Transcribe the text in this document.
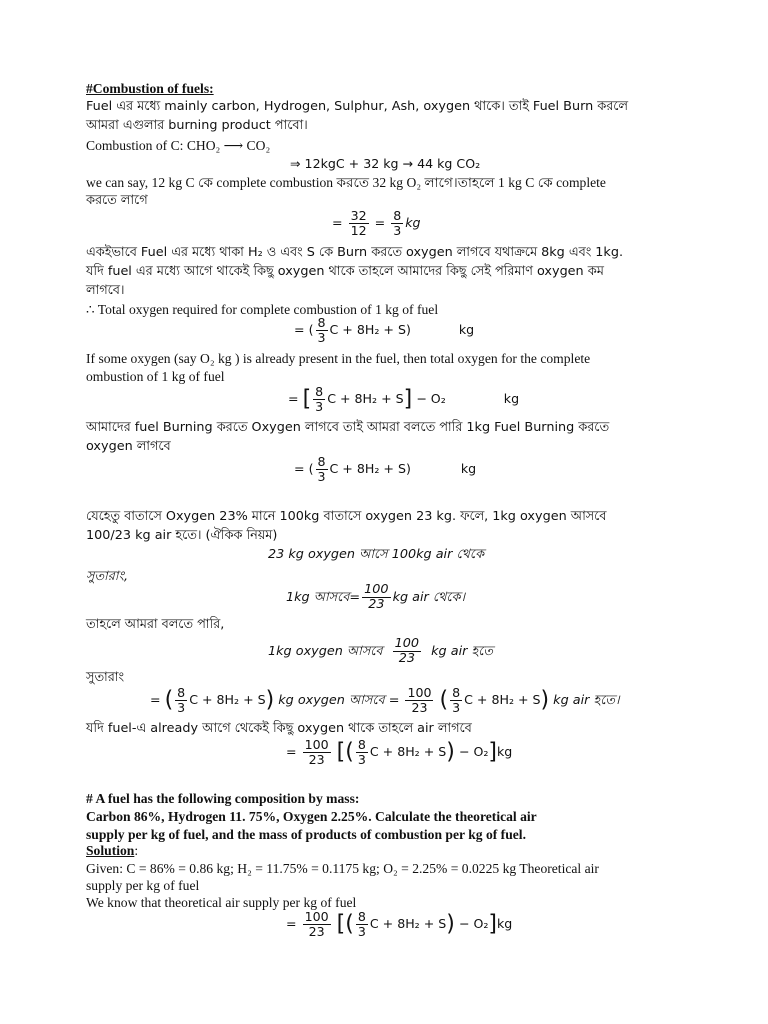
#Combustion of fuels:
Fuel এর মধ্যে mainly carbon, Hydrogen, Sulphur, Ash, oxygen থাকে। তাই Fuel Burn করলে
আমরা এগুলার burning product পাবো।
Combustion of C: CHO₂ ⟶ CO₂
⇒ 12kgC + 32 kg → 44 kg CO₂
we can say, 12 kg C কে complete combustion করতে 32 kg O₂ লাগে।তাহলে 1 kg C কে complete
করতে লাগে
= $\frac{32}{12} = \frac{8}{3}$ kg
একইভাবে Fuel এর মধ্যে থাকা H₂ ও এবং S কে Burn করতে oxygen লাগবে যথাক্রমে 8kg এবং 1kg.
যদি fuel এর মধ্যে আগে থাকেই কিছু oxygen থাকে তাহলে আমাদের কিছু সেই পরিমাণ oxygen কম
লাগবে।
∴ Total oxygen required for complete combustion of 1 kg of fuel
= ( $\frac{8}{3}$ C + 8H₂ + S)	kg
If some oxygen (say O₂ kg ) is already present in the fuel, then total oxygen for the complete
ombustion of 1 kg of fuel
= [ $\frac{8}{3}$ C + 8H₂ + S] − O₂	kg
আমাদের fuel Burning করতে Oxygen লাগবে তাই আমরা বলতে পারি 1kg Fuel Burning করতে
oxygen লাগবে
= ( $\frac{8}{3}$ C + 8H₂ + S)	kg
যেহেতু বাতাসে Oxygen 23% মানে 100kg বাতাসে oxygen 23 kg. ফলে, 1kg oxygen আসবে
100/23 kg air হতে। (ঐকিক নিয়ম)
23 kg oxygen আসে 100kg air থেকে
সুতারাং,
1kg আসবে= $\frac{100}{23}$ kg air থেকে।
তাহলে আমরা বলতে পারি,
1kg oxygen আসবে $\frac{100}{23}$ kg air হতে
সুতারাং
= ( $\frac{8}{3}$ C + 8H₂ + S) kg oxygen আসবে = $\frac{100}{23}$ ( $\frac{8}{3}$ C + 8H₂ + S) kg air হতে।
যদি fuel-এ already আগে থেকেই কিছু oxygen থাকে তাহলে air লাগবে
= $\frac{100}{23}$ [( $\frac{8}{3}$ C + 8H₂ + S) − O₂]kg
# A fuel has the following composition by mass:
Carbon 86%, Hydrogen 11. 75%, Oxygen 2.25%. Calculate the theoretical air
supply per kg of fuel, and the mass of products of combustion per kg of fuel.
Solution:
Given: C = 86% = 0.86 kg; H₂ = 11.75% = 0.1175 kg; O₂ = 2.25% = 0.0225 kg Theoretical air
supply per kg of fuel
We know that theoretical air supply per kg of fuel
= $\frac{100}{23}$ [( $\frac{8}{3}$ C + 8H₂ + S) − O₂]kg
